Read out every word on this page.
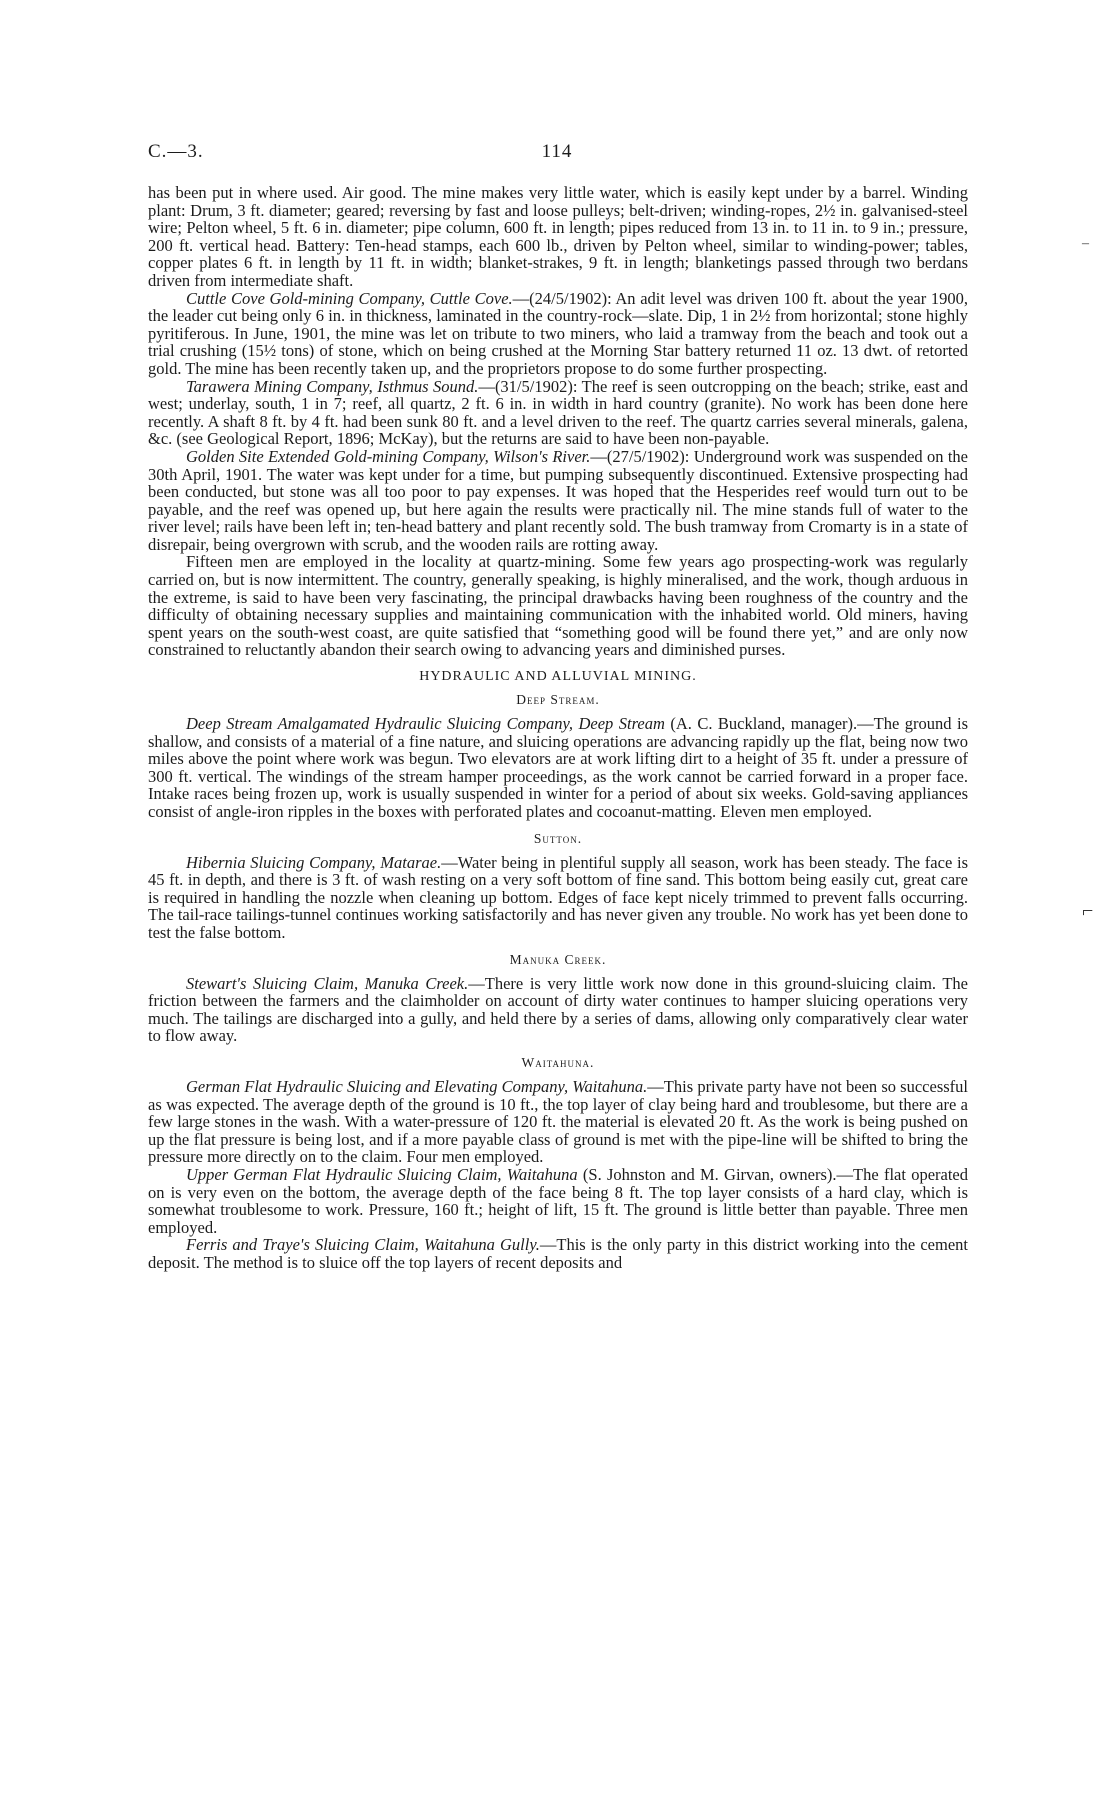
C.—3.	114

has been put in where used. Air good. The mine makes very little water, which is easily kept under by a barrel. Winding plant: Drum, 3 ft. diameter; geared; reversing by fast and loose pulleys; belt-driven; winding-ropes, 2½ in. galvanised-steel wire; Pelton wheel, 5 ft. 6 in. diameter; pipe column, 600 ft. in length; pipes reduced from 13 in. to 11 in. to 9 in.; pressure, 200 ft. vertical head. Battery: Ten-head stamps, each 600 lb., driven by Pelton wheel, similar to winding-power; tables, copper plates 6 ft. in length by 11 ft. in width; blanket-strakes, 9 ft. in length; blanketings passed through two berdans driven from intermediate shaft.

Cuttle Cove Gold-mining Company, Cuttle Cove.—(24/5/1902): An adit level was driven 100 ft. about the year 1900, the leader cut being only 6 in. in thickness, laminated in the country-rock—slate. Dip, 1 in 2½ from horizontal; stone highly pyritiferous. In June, 1901, the mine was let on tribute to two miners, who laid a tramway from the beach and took out a trial crushing (15½ tons) of stone, which on being crushed at the Morning Star battery returned 11 oz. 13 dwt. of retorted gold. The mine has been recently taken up, and the proprietors propose to do some further prospecting.

Tarawera Mining Company, Isthmus Sound.—(31/5/1902): The reef is seen outcropping on the beach; strike, east and west; underlay, south, 1 in 7; reef, all quartz, 2 ft. 6 in. in width in hard country (granite). No work has been done here recently. A shaft 8 ft. by 4 ft. had been sunk 80 ft. and a level driven to the reef. The quartz carries several minerals, galena, &c. (see Geological Report, 1896; McKay), but the returns are said to have been non-payable.

Golden Site Extended Gold-mining Company, Wilson's River.—(27/5/1902): Underground work was suspended on the 30th April, 1901. The water was kept under for a time, but pumping subsequently discontinued. Extensive prospecting had been conducted, but stone was all too poor to pay expenses. It was hoped that the Hesperides reef would turn out to be payable, and the reef was opened up, but here again the results were practically nil. The mine stands full of water to the river level; rails have been left in; ten-head battery and plant recently sold. The bush tramway from Cromarty is in a state of disrepair, being overgrown with scrub, and the wooden rails are rotting away.

Fifteen men are employed in the locality at quartz-mining. Some few years ago prospecting-work was regularly carried on, but is now intermittent. The country, generally speaking, is highly mineralised, and the work, though arduous in the extreme, is said to have been very fascinating, the principal drawbacks having been roughness of the country and the difficulty of obtaining necessary supplies and maintaining communication with the inhabited world. Old miners, having spent years on the south-west coast, are quite satisfied that “something good will be found there yet,” and are only now constrained to reluctantly abandon their search owing to advancing years and diminished purses.

HYDRAULIC AND ALLUVIAL MINING.
Deep Stream.

Deep Stream Amalgamated Hydraulic Sluicing Company, Deep Stream (A. C. Buckland, manager).—The ground is shallow, and consists of a material of a fine nature, and sluicing operations are advancing rapidly up the flat, being now two miles above the point where work was begun. Two elevators are at work lifting dirt to a height of 35 ft. under a pressure of 300 ft. vertical. The windings of the stream hamper proceedings, as the work cannot be carried forward in a proper face. Intake races being frozen up, work is usually suspended in winter for a period of about six weeks. Gold-saving appliances consist of angle-iron ripples in the boxes with perforated plates and cocoanut-matting. Eleven men employed.

Sutton.

Hibernia Sluicing Company, Matarae.—Water being in plentiful supply all season, work has been steady. The face is 45 ft. in depth, and there is 3 ft. of wash resting on a very soft bottom of fine sand. This bottom being easily cut, great care is required in handling the nozzle when cleaning up bottom. Edges of face kept nicely trimmed to prevent falls occurring. The tail-race tailings-tunnel continues working satisfactorily and has never given any trouble. No work has yet been done to test the false bottom.

Manuka Creek.

Stewart's Sluicing Claim, Manuka Creek.—There is very little work now done in this ground-sluicing claim. The friction between the farmers and the claimholder on account of dirty water continues to hamper sluicing operations very much. The tailings are discharged into a gully, and held there by a series of dams, allowing only comparatively clear water to flow away.

Waitahuna.

German Flat Hydraulic Sluicing and Elevating Company, Waitahuna.—This private party have not been so successful as was expected. The average depth of the ground is 10 ft., the top layer of clay being hard and troublesome, but there are a few large stones in the wash. With a water-pressure of 120 ft. the material is elevated 20 ft. As the work is being pushed on up the flat pressure is being lost, and if a more payable class of ground is met with the pipe-line will be shifted to bring the pressure more directly on to the claim. Four men employed.

Upper German Flat Hydraulic Sluicing Claim, Waitahuna (S. Johnston and M. Girvan, owners).—The flat operated on is very even on the bottom, the average depth of the face being 8 ft. The top layer consists of a hard clay, which is somewhat troublesome to work. Pressure, 160 ft.; height of lift, 15 ft. The ground is little better than payable. Three men employed.

Ferris and Traye's Sluicing Claim, Waitahuna Gully.—This is the only party in this district working into the cement deposit. The method is to sluice off the top layers of recent deposits and

–
⌐
